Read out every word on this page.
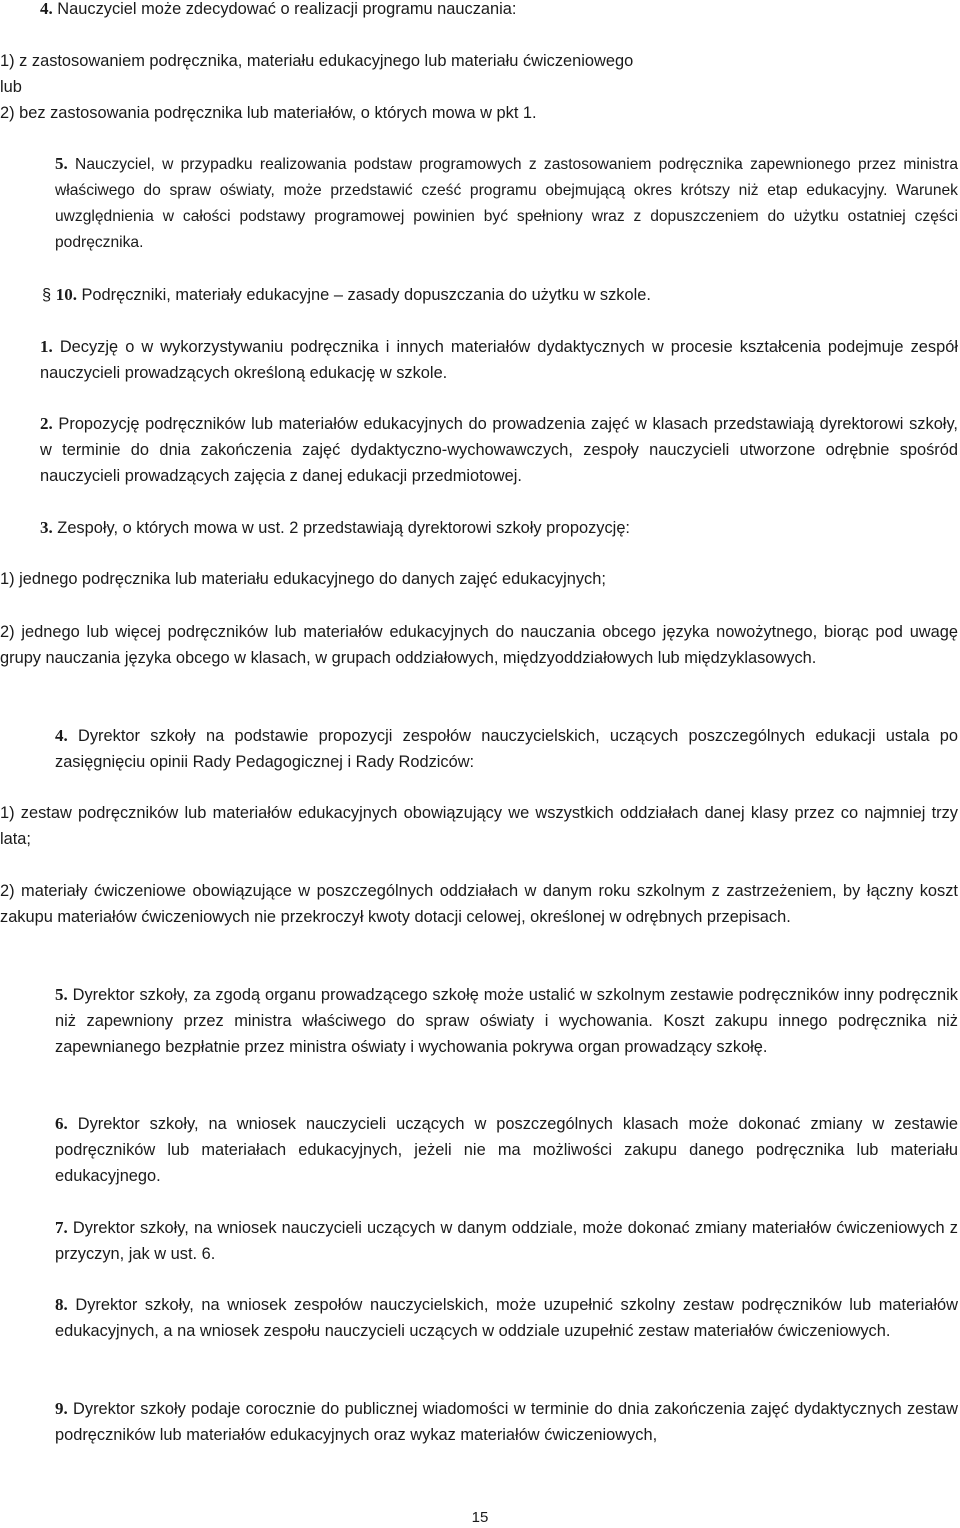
4. Nauczyciel może zdecydować o realizacji programu nauczania:

1) z zastosowaniem podręcznika, materiału edukacyjnego lub materiału ćwiczeniowego

lub

2) bez zastosowania podręcznika lub materiałów, o których mowa w pkt 1.

5. Nauczyciel, w przypadku realizowania podstaw programowych z zastosowaniem podręcznika zapewnionego przez ministra właściwego do spraw oświaty, może przedstawić cześć programu obejmującą okres krótszy niż etap edukacyjny. Warunek uwzględnienia w całości podstawy programowej powinien być spełniony wraz z dopuszczeniem do użytku ostatniej części podręcznika.

§ 10. Podręczniki, materiały edukacyjne – zasady dopuszczania do użytku w szkole.

1. Decyzję o w wykorzystywaniu podręcznika i innych materiałów dydaktycznych w procesie kształcenia podejmuje zespół nauczycieli prowadzących określoną edukację w szkole.

2. Propozycję podręczników lub materiałów edukacyjnych do prowadzenia zajęć w klasach przedstawiają dyrektorowi szkoły, w terminie do dnia zakończenia zajęć dydaktyczno-wychowawczych, zespoły nauczycieli utworzone odrębnie spośród nauczycieli prowadzących zajęcia z danej edukacji przedmiotowej.

3. Zespoły, o których mowa w ust. 2 przedstawiają dyrektorowi szkoły propozycję:

1) jednego podręcznika lub materiału edukacyjnego do danych zajęć edukacyjnych;

2) jednego lub więcej podręczników lub materiałów edukacyjnych do nauczania obcego języka nowożytnego, biorąc pod uwagę grupy nauczania języka obcego w klasach, w grupach oddziałowych, międzyoddziałowych lub międzyklasowych.

4. Dyrektor szkoły na podstawie propozycji zespołów nauczycielskich, uczących poszczególnych edukacji ustala po zasięgnięciu opinii Rady Pedagogicznej i Rady Rodziców:

1) zestaw podręczników lub materiałów edukacyjnych obowiązujący we wszystkich oddziałach danej klasy przez co najmniej trzy lata;

2) materiały ćwiczeniowe obowiązujące w poszczególnych oddziałach w danym roku szkolnym z zastrzeżeniem, by łączny koszt zakupu materiałów ćwiczeniowych nie przekroczył kwoty dotacji celowej, określonej w odrębnych przepisach.

5. Dyrektor szkoły, za zgodą organu prowadzącego szkołę może ustalić w szkolnym zestawie podręczników inny podręcznik niż zapewniony przez ministra właściwego do spraw oświaty i wychowania. Koszt zakupu innego podręcznika niż zapewnianego bezpłatnie przez ministra oświaty i wychowania pokrywa organ prowadzący szkołę.

6. Dyrektor szkoły, na wniosek nauczycieli uczących w poszczególnych klasach może dokonać zmiany w zestawie podręczników lub materiałach edukacyjnych, jeżeli nie ma możliwości zakupu danego podręcznika lub materiału edukacyjnego.

7. Dyrektor szkoły, na wniosek nauczycieli uczących w danym oddziale, może dokonać zmiany materiałów ćwiczeniowych z przyczyn, jak w ust. 6.

8. Dyrektor szkoły, na wniosek zespołów nauczycielskich, może uzupełnić szkolny zestaw podręczników lub materiałów edukacyjnych, a na wniosek zespołu nauczycieli uczących w oddziale uzupełnić zestaw materiałów ćwiczeniowych.

9. Dyrektor szkoły podaje corocznie do publicznej wiadomości w terminie do dnia zakończenia zajęć dydaktycznych zestaw podręczników lub materiałów edukacyjnych oraz wykaz materiałów ćwiczeniowych,

15
